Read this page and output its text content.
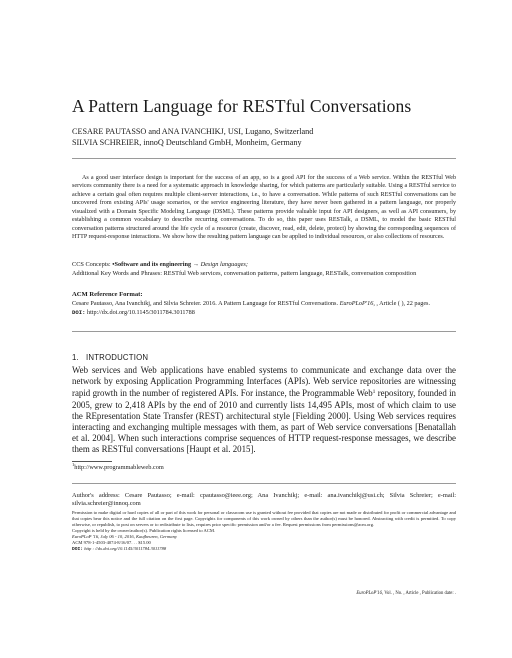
A Pattern Language for RESTful Conversations
CESARE PAUTASSO and ANA IVANCHIKJ, USI, Lugano, Switzerland
SILVIA SCHREIER, innoQ Deutschland GmbH, Monheim, Germany
As a good user interface design is important for the success of an app, so is a good API for the success of a Web service. Within the RESTful Web services community there is a need for a systematic approach in knowledge sharing, for which patterns are particularly suitable. Using a RESTful service to achieve a certain goal often requires multiple client-server interactions, i.e., to have a conversation. While patterns of such RESTful conversations can be uncovered from existing APIs' usage scenarios, or the service engineering literature, they have never been gathered in a pattern language, nor properly visualized with a Domain Specific Modeling Language (DSML). These patterns provide valuable input for API designers, as well as API consumers, by establishing a common vocabulary to describe recurring conversations. To do so, this paper uses RESTalk, a DSML, to model the basic RESTful conversation patterns structured around the life cycle of a resource (create, discover, read, edit, delete, protect) by showing the corresponding sequences of HTTP request-response interactions. We show how the resulting pattern language can be applied to individual resources, or also collections of resources.
CCS Concepts: •Software and its engineering → Design languages;
Additional Key Words and Phrases: RESTful Web services, conversation patterns, pattern language, RESTalk, conversation composition
ACM Reference Format:
Cesare Pautasso, Ana Ivanchikj, and Silvia Schreier. 2016. A Pattern Language for RESTful Conversations. EuroPLoP'16, , Article ( ), 22 pages.
DOI: http://dx.doi.org/10.1145/3011784.3011788
1. INTRODUCTION
Web services and Web applications have enabled systems to communicate and exchange data over the network by exposing Application Programming Interfaces (APIs). Web service repositories are witnessing rapid growth in the number of registered APIs. For instance, the Programmable Web$^1$ repository, founded in 2005, grew to 2,418 APIs by the end of 2010 and currently lists 14,495 APIs, most of which claim to use the REpresentation State Transfer (REST) architectural style [Fielding 2000]. Using Web services requires interacting and exchanging multiple messages with them, as part of Web service conversations [Benatallah et al. 2004]. When such interactions comprise sequences of HTTP request-response messages, we describe them as RESTful conversations [Haupt et al. 2015].
$^1$http://www.programmableweb.com
Author's address: Cesare Pautasso; e-mail: cpautasso@ieee.org; Ana Ivanchikj; e-mail: ana.ivanchikj@usi.ch; Silvia Schreier; e-mail: silvia.schreier@innoq.com
Permission to make digital or hard copies of all or part of this work for personal or classroom use is granted without fee provided that copies are not made or distributed for profit or commercial advantage and that copies bear this notice and the full citation on the first page. Copyrights for components of this work owned by others than the author(s) must be honored. Abstracting with credit is permitted. To copy otherwise, or republish, to post on servers or to redistribute to lists, requires prior specific permission and/or a fee. Request permissions from permissions@acm.org.
Copyright is held by the owner/author(s). Publication rights licensed to ACM.
EuroPLoP '16, July 06 - 10, 2016, Kaufbeuren, Germany
ACM 978-1-4503-4074-8/16/07. . . $15.00
DOI: http : //dx.doi.org/10.1145/3011784.3011788
EuroPLoP'16, Vol. , No. , Article , Publication date: .
